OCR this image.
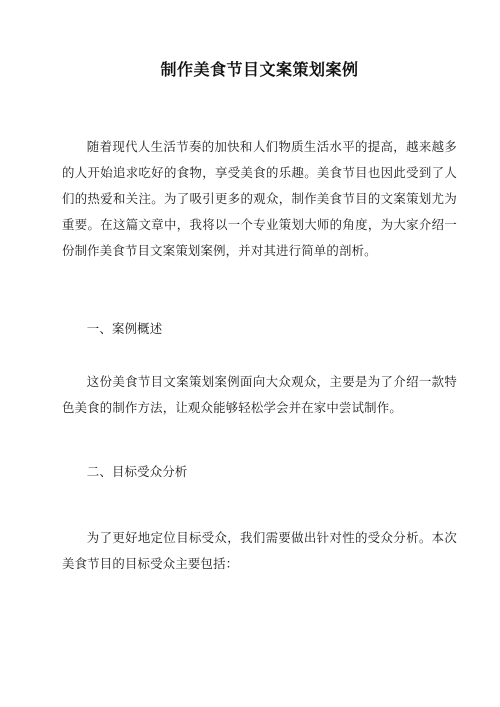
制作美食节目文案策划案例

随着现代人生活节奏的加快和人们物质生活水平的提高，越来越多的人开始追求吃好的食物，享受美食的乐趣。美食节目也因此受到了人们的热爱和关注。为了吸引更多的观众，制作美食节目的文案策划尤为重要。在这篇文章中，我将以一个专业策划大师的角度，为大家介绍一份制作美食节目文案策划案例，并对其进行简单的剖析。

一、案例概述

这份美食节目文案策划案例面向大众观众，主要是为了介绍一款特色美食的制作方法，让观众能够轻松学会并在家中尝试制作。

二、目标受众分析

为了更好地定位目标受众，我们需要做出针对性的受众分析。本次美食节目的目标受众主要包括：
